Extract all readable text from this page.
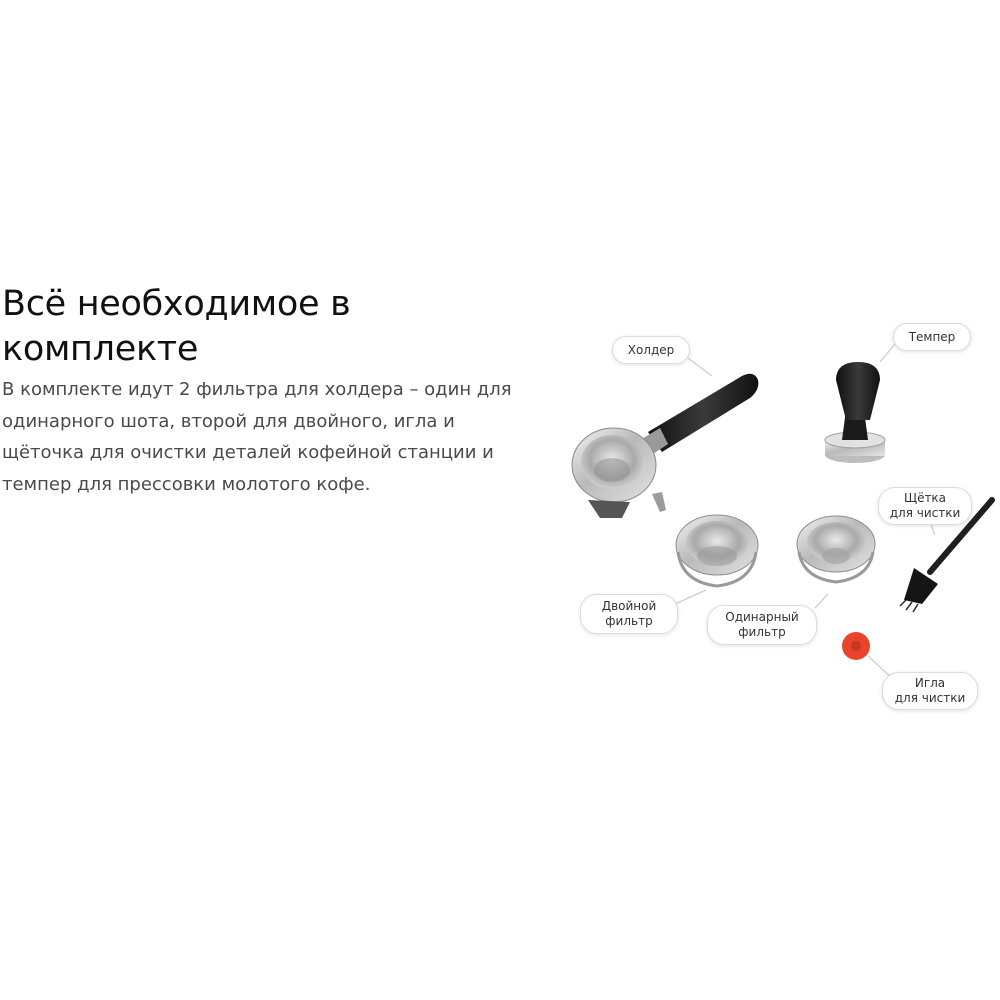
Всё необходимое в комплекте

В комплекте идут 2 фильтра для холдера – один для одинарного шота, второй для двойного, игла и щёточка для очистки деталей кофейной станции и темпер для прессовки молотого кофе.

Холдер
Темпер
Щётка
для чистки
Двойной
фильтр	Одинарный
фильтр
Игла
для чистки
